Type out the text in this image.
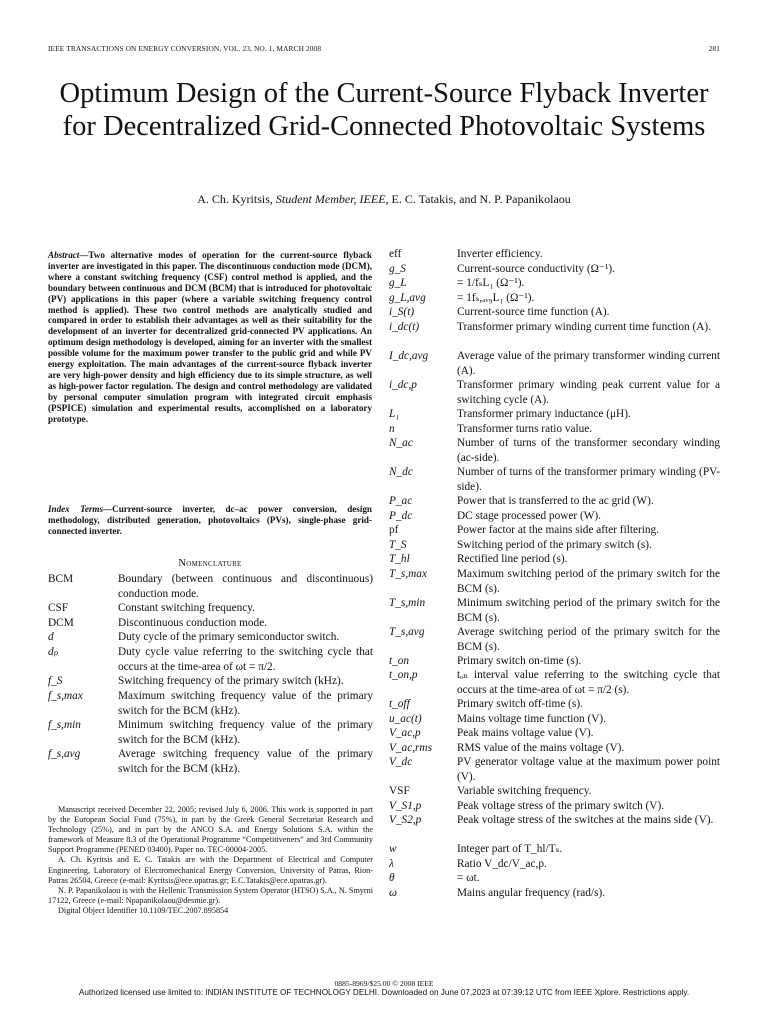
IEEE TRANSACTIONS ON ENERGY CONVERSION, VOL. 23, NO. 1, MARCH 2008	281
Optimum Design of the Current-Source Flyback Inverter for Decentralized Grid-Connected Photovoltaic Systems
A. Ch. Kyritsis, Student Member, IEEE, E. C. Tatakis, and N. P. Papanikolaou
Abstract—Two alternative modes of operation for the current-source flyback inverter are investigated in this paper. The discontinuous conduction mode (DCM), where a constant switching frequency (CSF) control method is applied, and the boundary between continuous and DCM (BCM) that is introduced for photovoltaic (PV) applications in this paper (where a variable switching frequency control method is applied). These two control methods are analytically studied and compared in order to establish their advantages as well as their suitability for the development of an inverter for decentralized grid-connected PV applications. An optimum design methodology is developed, aiming for an inverter with the smallest possible volume for the maximum power transfer to the public grid and while PV energy exploitation. The main advantages of the current-source flyback inverter are very high-power density and high efficiency due to its simple structure, as well as high-power factor regulation. The design and control methodology are validated by personal computer simulation program with integrated circuit emphasis (PSPICE) simulation and experimental results, accomplished on a laboratory prototype.
Index Terms—Current-source inverter, dc–ac power conversion, design methodology, distributed generation, photovoltaics (PVs), single-phase grid-connected inverter.
Nomenclature
BCM	Boundary (between continuous and discontinuous) conduction mode.
CSF	Constant switching frequency.
DCM	Discontinuous conduction mode.
d	Duty cycle of the primary semiconductor switch.
dₚ	Duty cycle value referring to the switching cycle that occurs at the time-area of ωt = π/2.
f_S	Switching frequency of the primary switch (kHz).
f_s,max	Maximum switching frequency value of the primary switch for the BCM (kHz).
f_s,min	Minimum switching frequency value of the primary switch for the BCM (kHz).
f_s,avg	Average switching frequency value of the primary switch for the BCM (kHz).
eff	Inverter efficiency.
g_S	Current-source conductivity (Ω⁻¹).
g_L	= 1/fₛL₁ (Ω⁻¹).
g_L,avg	= 1fₛ,ₐᵥ₉L₁ (Ω⁻¹).
i_S(t)	Current-source time function (A).
i_dc(t)	Transformer primary winding current time function (A).
I_dc,avg	Average value of the primary transformer winding current (A).
i_dc,p	Transformer primary winding peak current value for a switching cycle (A).
L₁	Transformer primary inductance (μH).
n	Transformer turns ratio value.
N_ac	Number of turns of the transformer secondary winding (ac-side).
N_dc	Number of turns of the transformer primary winding (PV-side).
P_ac	Power that is transferred to the ac grid (W).
P_dc	DC stage processed power (W).
pf	Power factor at the mains side after filtering.
T_S	Switching period of the primary switch (s).
T_hl	Rectified line period (s).
T_s,max	Maximum switching period of the primary switch for the BCM (s).
T_s,min	Minimum switching period of the primary switch for the BCM (s).
T_s,avg	Average switching period of the primary switch for the BCM (s).
t_on	Primary switch on-time (s).
t_on,p	tₒₙ interval value referring to the switching cycle that occurs at the time-area of ωt = π/2 (s).
t_off	Primary switch off-time (s).
u_ac(t)	Mains voltage time function (V).
V_ac,p	Peak mains voltage value (V).
V_ac,rms RMS value of the mains voltage (V).
V_dc	PV generator voltage value at the maximum power point (V).
VSF	Variable switching frequency.
V_S1,p	Peak voltage stress of the primary switch (V).
V_S2,p	Peak voltage stress of the switches at the mains side (V).
w	Integer part of T_hl/Tₛ.
λ	Ratio V_dc/V_ac,p.
θ	= ωt.
ω	Mains angular frequency (rad/s).

Manuscript received December 22, 2005; revised July 6, 2006. This work is supported in part by the European Social Fund (75%), in part by the Greek General Secretariat Research and Technology (25%), and in part by the ANCO S.A. and Energy Solutions S.A. within the framework of Measure 8.3 of the Operational Programme “Competitiveners” and 3rd Community Support Programme (PENED 03400). Paper no. TEC-00004-2005.

A. Ch. Kyritsis and E. C. Tatakis are with the Department of Electrical and Computer Engineering, Laboratory of Electromechanical Energy Conversion, University of Patras, Rion-Patras 26504, Greece (e-mail: Kyritsis@ece.upatras.gr; E.C.Tatakis@ece.upatras.gr).

N. P. Papanikolaou is with the Hellenic Transmission System Operator (HTSO) S.A., N. Smyrni 17122, Greece (e-mail: Npapanikolaou@desmie.gr).

Digital Object Identifier 10.1109/TEC.2007.895854

0885-8969/$25.00 © 2008 IEEE
Authorized licensed use limited to: INDIAN INSTITUTE OF TECHNOLOGY DELHI. Downloaded on June 07,2023 at 07:39:12 UTC from IEEE Xplore. Restrictions apply.
